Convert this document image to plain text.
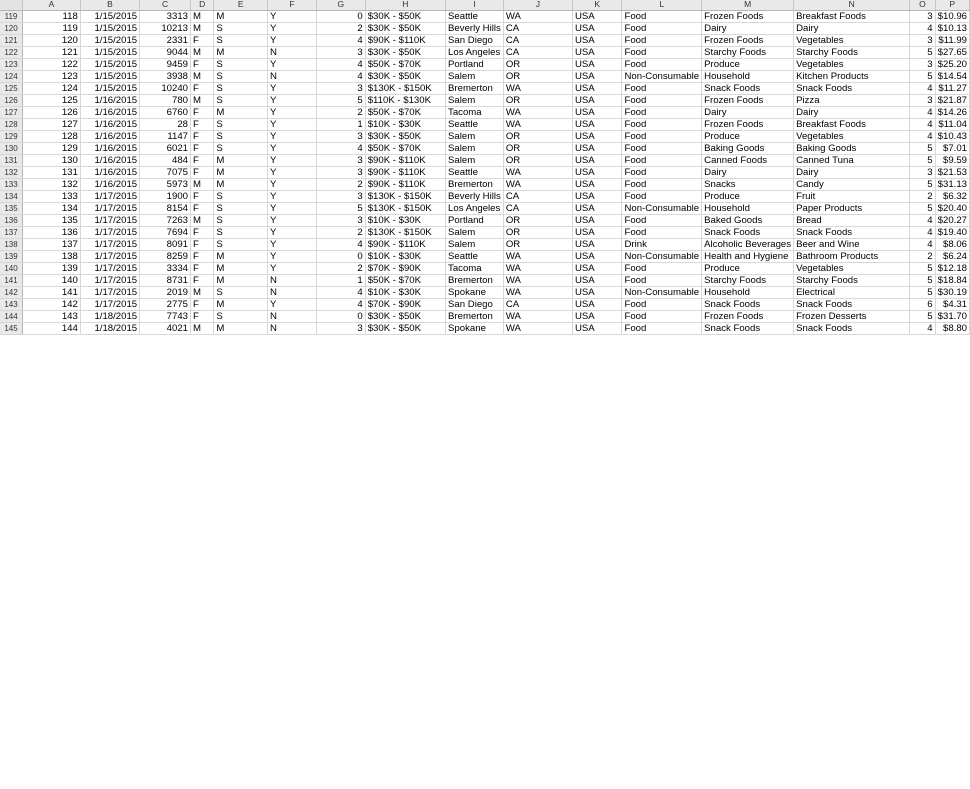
	A	B	C	D	E	F	G	H	I	J	K	L	M	N	O	P
119	118	1/15/2015	3313	M	M	Y	0	$30K - $50K	Seattle	WA	USA	Food	Frozen Foods	Breakfast Foods	3	$10.96
120	119	1/15/2015	10213	M	S	Y	2	$30K - $50K	Beverly Hills	CA	USA	Food	Dairy	Dairy	4	$10.13
121	120	1/15/2015	2331	F	S	Y	4	$90K - $110K	San Diego	CA	USA	Food	Frozen Foods	Vegetables	3	$11.99
122	121	1/15/2015	9044	M	M	N	3	$30K - $50K	Los Angeles	CA	USA	Food	Starchy Foods	Starchy Foods	5	$27.65
123	122	1/15/2015	9459	F	S	Y	4	$50K - $70K	Portland	OR	USA	Food	Produce	Vegetables	3	$25.20
124	123	1/15/2015	3938	M	S	N	4	$30K - $50K	Salem	OR	USA	Non-Consumable	Household	Kitchen Products	5	$14.54
125	124	1/15/2015	10240	F	S	Y	3	$130K - $150K	Bremerton	WA	USA	Food	Snack Foods	Snack Foods	4	$11.27
126	125	1/16/2015	780	M	S	Y	5	$110K - $130K	Salem	OR	USA	Food	Frozen Foods	Pizza	3	$21.87
127	126	1/16/2015	6760	F	M	Y	2	$50K - $70K	Tacoma	WA	USA	Food	Dairy	Dairy	4	$14.26
128	127	1/16/2015	28	F	S	Y	1	$10K - $30K	Seattle	WA	USA	Food	Frozen Foods	Breakfast Foods	4	$11.04
129	128	1/16/2015	1147	F	S	Y	3	$30K - $50K	Salem	OR	USA	Food	Produce	Vegetables	4	$10.43
130	129	1/16/2015	6021	F	S	Y	4	$50K - $70K	Salem	OR	USA	Food	Baking Goods	Baking Goods	5	$7.01
131	130	1/16/2015	484	F	M	Y	3	$90K - $110K	Salem	OR	USA	Food	Canned Foods	Canned Tuna	5	$9.59
132	131	1/16/2015	7075	F	M	Y	3	$90K - $110K	Seattle	WA	USA	Food	Dairy	Dairy	3	$21.53
133	132	1/16/2015	5973	M	M	Y	2	$90K - $110K	Bremerton	WA	USA	Food	Snacks	Candy	5	$31.13
134	133	1/17/2015	1900	F	S	Y	3	$130K - $150K	Beverly Hills	CA	USA	Food	Produce	Fruit	2	$6.32
135	134	1/17/2015	8154	F	S	Y	5	$130K - $150K	Los Angeles	CA	USA	Non-Consumable	Household	Paper Products	5	$20.40
136	135	1/17/2015	7263	M	S	Y	3	$10K - $30K	Portland	OR	USA	Food	Baked Goods	Bread	4	$20.27
137	136	1/17/2015	7694	F	S	Y	2	$130K - $150K	Salem	OR	USA	Food	Snack Foods	Snack Foods	4	$19.40
138	137	1/17/2015	8091	F	S	Y	4	$90K - $110K	Salem	OR	USA	Drink	Alcoholic Beverages	Beer and Wine	4	$8.06
139	138	1/17/2015	8259	F	M	Y	0	$10K - $30K	Seattle	WA	USA	Non-Consumable	Health and Hygiene	Bathroom Products	2	$6.24
140	139	1/17/2015	3334	F	M	Y	2	$70K - $90K	Tacoma	WA	USA	Food	Produce	Vegetables	5	$12.18
141	140	1/17/2015	8731	F	M	N	1	$50K - $70K	Bremerton	WA	USA	Food	Starchy Foods	Starchy Foods	5	$18.84
142	141	1/17/2015	2019	M	S	N	4	$10K - $30K	Spokane	WA	USA	Non-Consumable	Household	Electrical	5	$30.19
143	142	1/17/2015	2775	F	M	Y	4	$70K - $90K	San Diego	CA	USA	Food	Snack Foods	Snack Foods	6	$4.31
144	143	1/18/2015	7743	F	S	N	0	$30K - $50K	Bremerton	WA	USA	Food	Frozen Foods	Frozen Desserts	5	$31.70
145	144	1/18/2015	4021	M	M	N	3	$30K - $50K	Spokane	WA	USA	Food	Snack Foods	Snack Foods	4	$8.80
